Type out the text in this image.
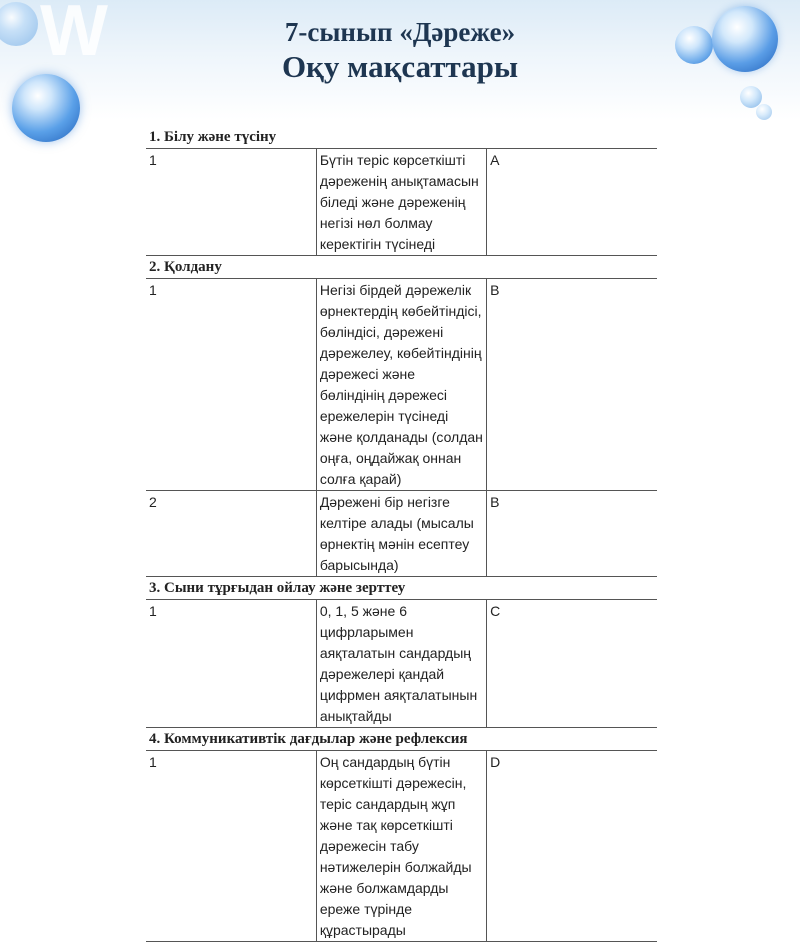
W	7-сынып «Дәреже»
Оқу мақсаттары
1. Білу және түсіну		
1	Бүтін теріс көрсеткішті дәреженің анықтамасын біледі және дәреженің негізі нөл болмау керектігін түсінеді	A
2. Қолдану		
1	Негізі бірдей дәрежелік өрнектердің көбейтіндісі, бөліндісі, дәрежені дәрежелеу, көбейтіндінің дәрежесі және бөліндінің дәрежесі ережелерін түсінеді және қолданады (солдан оңға, оңдайжақ оннан солға қарай)	B
2	Дәрежені бір негізге келтіре алады (мысалы өрнектің мәнін есептеу барысында)	B
3. Сыни тұрғыдан ойлау және зерттеу		
1	0, 1, 5 және 6 цифрларымен аяқталатын сандардың дәрежелері қандай цифрмен аяқталатынын анықтайды	C
4. Коммуникативтік дағдылар және рефлексия		
1	Оң сандардың бүтін көрсеткішті дәрежесін, теріс сандардың жұп және тақ көрсеткішті дәрежесін табу нәтижелерін болжайды және болжамдарды ереже түрінде құрастырады	D
